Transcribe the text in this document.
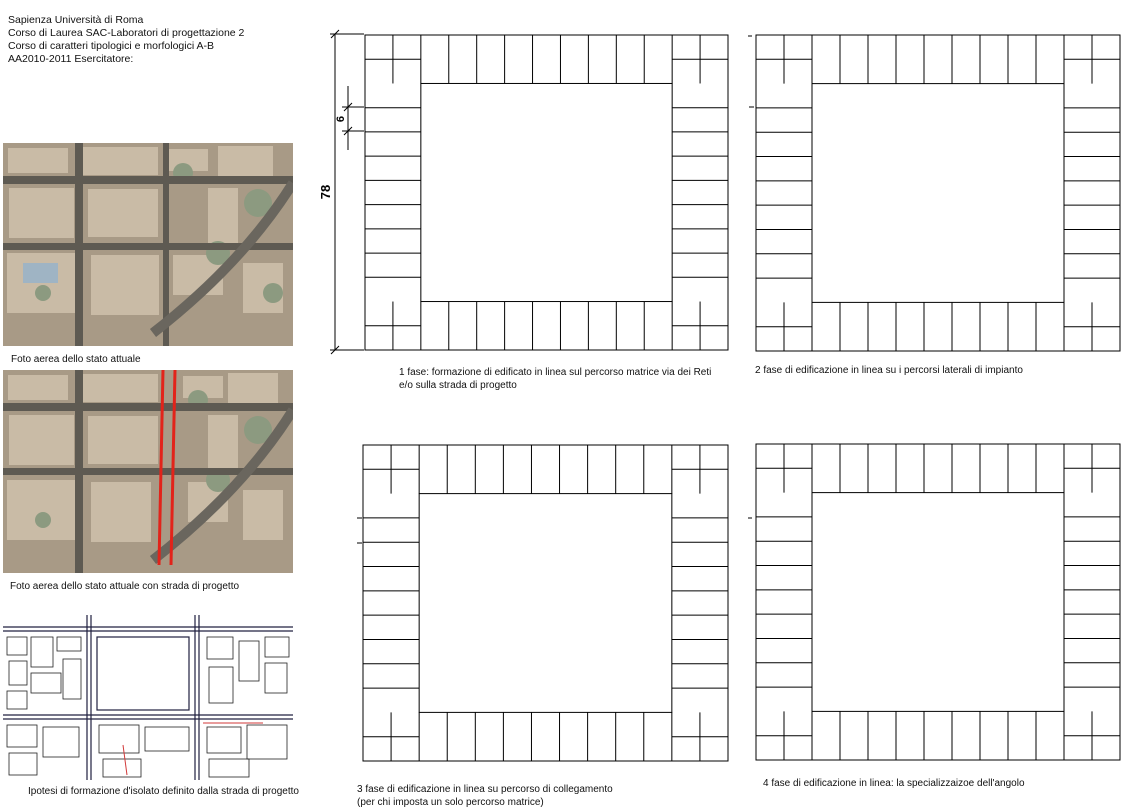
Sapienza Università di Roma
Corso di Laurea SAC-Laboratori di progettazione 2
Corso di caratteri tipologici e morfologici A-B
AA2010-2011 Esercitatore:
Foto aerea dello stato attuale
Foto aerea dello stato attuale con strada di progetto
Ipotesi di formazione d'isolato definito dalla strada di progetto
78
6
1 fase: formazione di edificato in linea sul percorso matrice via dei Reti
e/o sulla strada di progetto
2 fase di edificazione in linea su i percorsi laterali di impianto
3 fase di edificazione in linea su percorso di collegamento
(per chi imposta un solo percorso matrice)
4 fase di edificazione in linea: la specializzaizoe dell'angolo
